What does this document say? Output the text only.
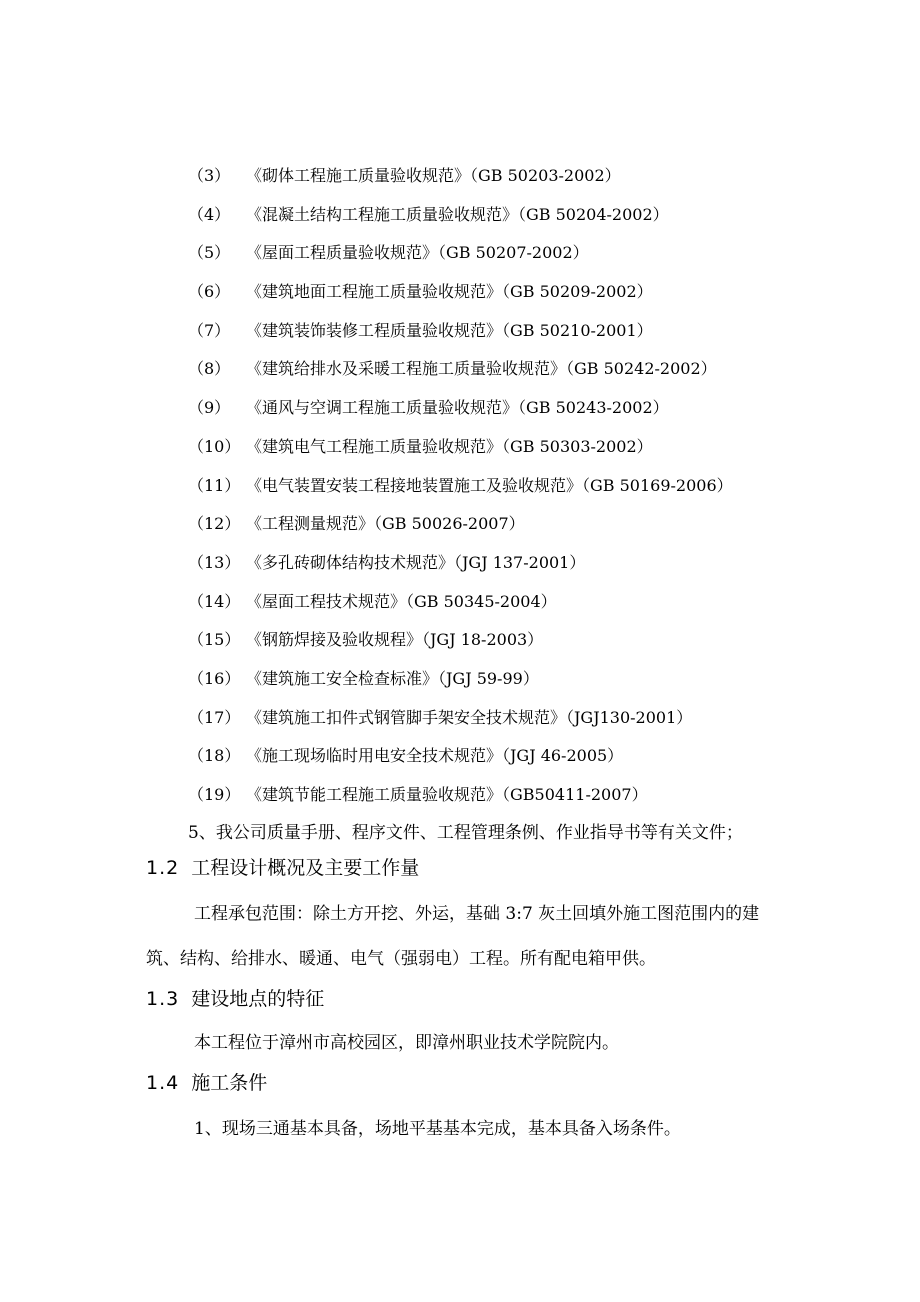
（3） 《砌体工程施工质量验收规范》（GB 50203-2002）
（4） 《混凝土结构工程施工质量验收规范》（GB 50204-2002）
（5） 《屋面工程质量验收规范》（GB 50207-2002）
（6） 《建筑地面工程施工质量验收规范》（GB 50209-2002）
（7） 《建筑装饰装修工程质量验收规范》（GB 50210-2001）
（8） 《建筑给排水及采暖工程施工质量验收规范》（GB 50242-2002）
（9） 《通风与空调工程施工质量验收规范》（GB 50243-2002）
（10） 《建筑电气工程施工质量验收规范》（GB 50303-2002）
（11） 《电气装置安装工程接地装置施工及验收规范》（GB 50169-2006）
（12） 《工程测量规范》（GB 50026-2007）
（13） 《多孔砖砌体结构技术规范》（JGJ 137-2001）
（14） 《屋面工程技术规范》（GB 50345-2004）
（15） 《钢筋焊接及验收规程》（JGJ 18-2003）
（16） 《建筑施工安全检查标准》（JGJ 59-99）
（17） 《建筑施工扣件式钢管脚手架安全技术规范》（JGJ130-2001）
（18） 《施工现场临时用电安全技术规范》（JGJ 46-2005）
（19） 《建筑节能工程施工质量验收规范》（GB50411-2007）
5、我公司质量手册、程序文件、工程管理条例、作业指导书等有关文件；
1.2 工程设计概况及主要工作量
工程承包范围：除土方开挖、外运，基础 3:7 灰土回填外施工图范围内的建
筑、结构、给排水、暖通、电气（强弱电）工程。所有配电箱甲供。
1.3 建设地点的特征
本工程位于漳州市高校园区，即漳州职业技术学院院内。
1.4 施工条件
1、现场三通基本具备，场地平基基本完成，基本具备入场条件。
